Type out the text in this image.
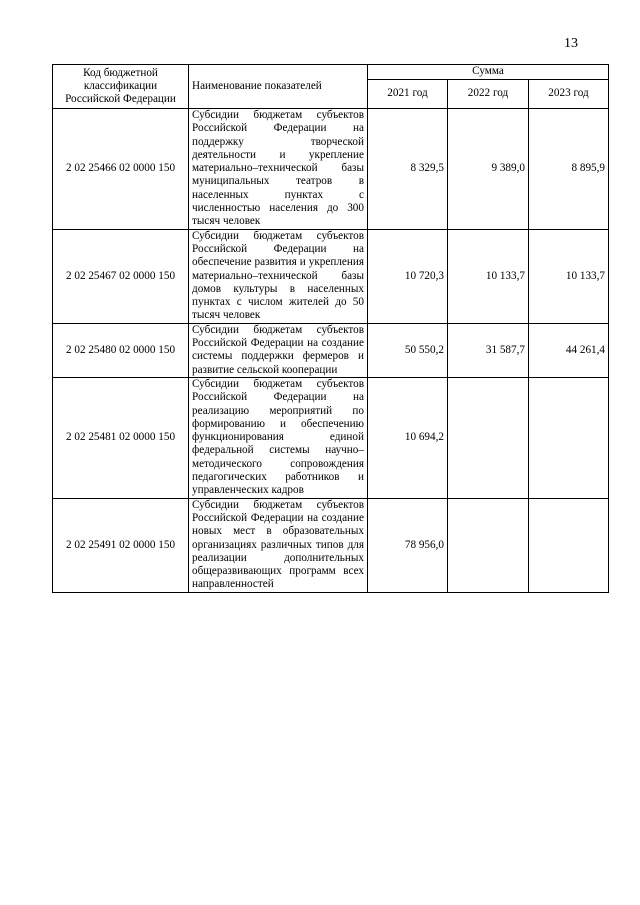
13
Код бюджетной классификации Российской Федерации	Наименование показателей	Сумма		
		2021 год	2022 год	2023 год
2 02 25466 02 0000 150	Субсидии бюджетам субъектов Российской Федерации на поддержку творческой деятельности и укрепление материально–технической базы муниципальных театров в населенных пунктах с численностью населения до 300 тысяч человек	8 329,5	9 389,0	8 895,9
2 02 25467 02 0000 150	Субсидии бюджетам субъектов Российской Федерации на обеспечение развития и укрепления материально–технической базы домов культуры в населенных пунктах с числом жителей до 50 тысяч человек	10 720,3	10 133,7	10 133,7
2 02 25480 02 0000 150	Субсидии бюджетам субъектов Российской Федерации на создание системы поддержки фермеров и развитие сельской кооперации	50 550,2	31 587,7	44 261,4
2 02 25481 02 0000 150	Субсидии бюджетам субъектов Российской Федерации на реализацию мероприятий по формированию и обеспечению функционирования единой федеральной системы научно–методического сопровождения педагогических работников и управленческих кадров	10 694,2		
2 02 25491 02 0000 150	Субсидии бюджетам субъектов Российской Федерации на создание новых мест в образовательных организациях различных типов для реализации дополнительных общеразвивающих программ всех направленностей	78 956,0		
